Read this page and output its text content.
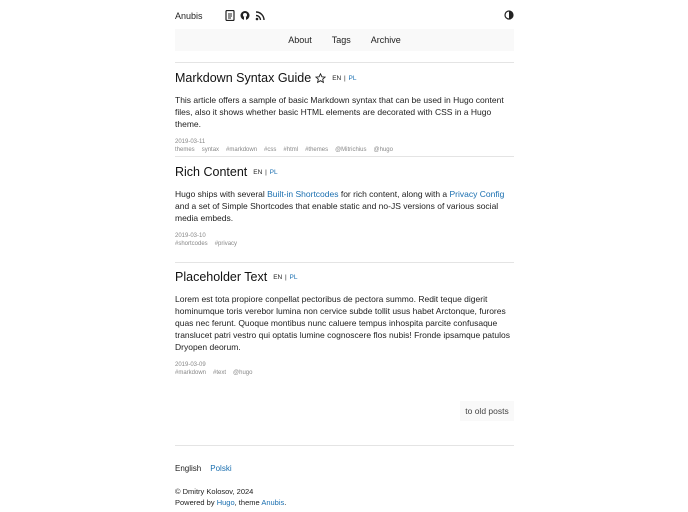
Anubis
About Tags Archive
Markdown Syntax Guide	EN | PL

This article offers a sample of basic Markdown syntax that can be used in Hugo content files, also it shows whether basic HTML elements are decorated with CSS in a Hugo theme.

2019-03-11
themes syntax #markdown #css #html #themes @Mitrichius @hugo
Rich Content EN | PL

Hugo ships with several Built-in Shortcodes for rich content, along with a Privacy Config and a set of Simple Shortcodes that enable static and no-JS versions of various social media embeds.

2019-03-10
#shortcodes #privacy
Placeholder Text EN | PL

Lorem est tota propiore conpellat pectoribus de pectora summo. Redit teque digerit hominumque toris verebor lumina non cervice subde tollit usus habet Arctonque, furores quas nec ferunt. Quoque montibus nunc caluere tempus inhospita parcite confusaque translucet patri vestro qui optatis lumine cognoscere flos nubis! Fronde ipsamque patulos Dryopen deorum.

2019-03-09
#markdown #text @hugo
to old posts
English Polski
© Dmitry Kolosov, 2024
Powered by Hugo, theme Anubis.
